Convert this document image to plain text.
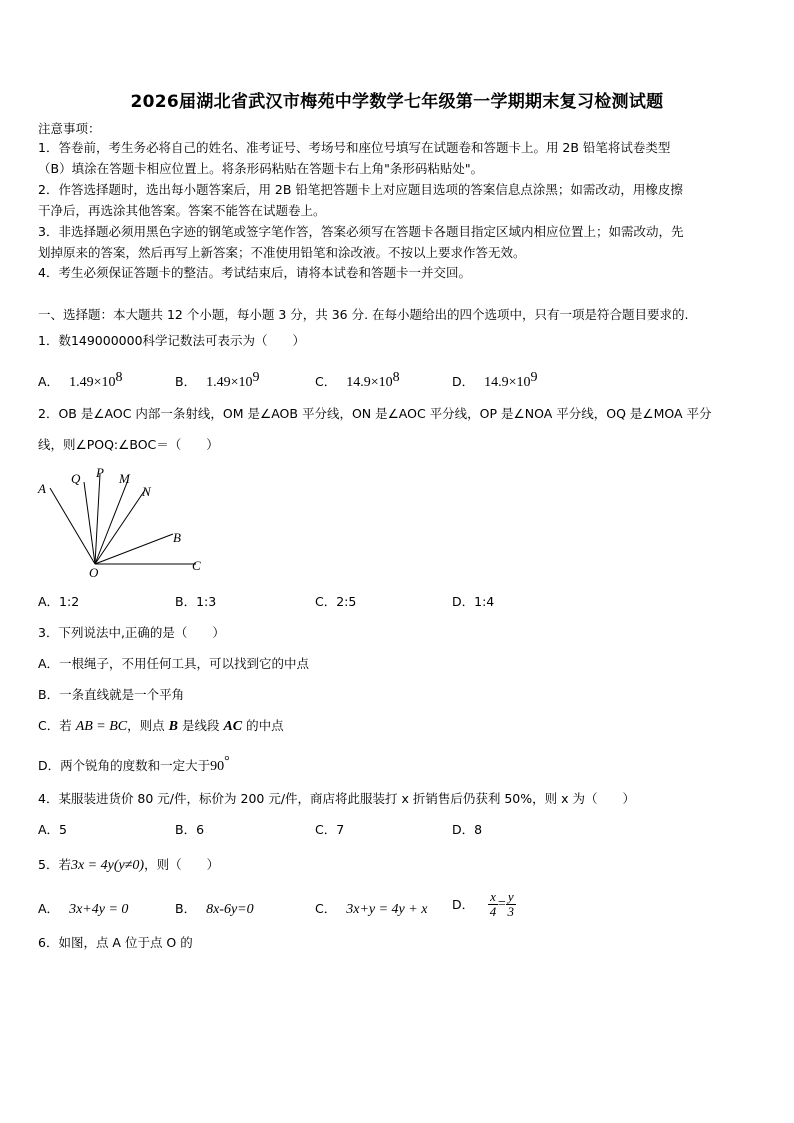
2026届湖北省武汉市梅苑中学数学七年级第一学期期末复习检测试题
注意事项：
1．答卷前，考生务必将自己的姓名、准考证号、考场号和座位号填写在试题卷和答题卡上。用 2B 铅笔将试卷类型
（B）填涂在答题卡相应位置上。将条形码粘贴在答题卡右上角"条形码粘贴处"。
2．作答选择题时，选出每小题答案后，用 2B 铅笔把答题卡上对应题目选项的答案信息点涂黑；如需改动，用橡皮擦
干净后，再选涂其他答案。答案不能答在试题卷上。
3．非选择题必须用黑色字迹的钢笔或签字笔作答，答案必须写在答题卡各题目指定区域内相应位置上；如需改动，先
划掉原来的答案，然后再写上新答案；不准使用铅笔和涂改液。不按以上要求作答无效。
4．考生必须保证答题卡的整洁。考试结束后，请将本试卷和答题卡一并交回。
一、选择题：本大题共 12 个小题，每小题 3 分，共 36 分. 在每小题给出的四个选项中，只有一项是符合题目要求的.
1．数149000000科学记数法可表示为（　　）
A． $1.49\times 10^8$	B． $1.49\times 10^9$	C． $14.9\times 10^8$	D． $14.9\times 10^9$
2．OB 是∠AOC 内部一条射线，OM 是∠AOB 平分线，ON 是∠AOC 平分线，OP 是∠NOA 平分线，OQ 是∠MOA 平分
线，则∠POQ:∠BOC＝（　　）
A
Q P M
N
B
O	C
A．1:2	B．1:3	C．2:5	D．1:4
3．下列说法中,正确的是（　　）
A．一根绳子，不用任何工具，可以找到它的中点
B．一条直线就是一个平角
C．若 AB = BC，则点 B 是线段 AC 的中点
D．两个锐角的度数和一定大于90°
4．某服装进货价 80 元/件，标价为 200 元/件，商店将此服装打 x 折销售后仍获利 50%，则 x 为（　　）
A．5	B．6	C．7	D．8
5．若3x = 4y(y≠0)，则（　　）
A． 3x+4y = 0	B． 8x-6y=0	C． 3x+y = 4y + x D． $\frac{x}{4} = \frac{y}{3}$
6．如图，点 A 位于点 O 的
